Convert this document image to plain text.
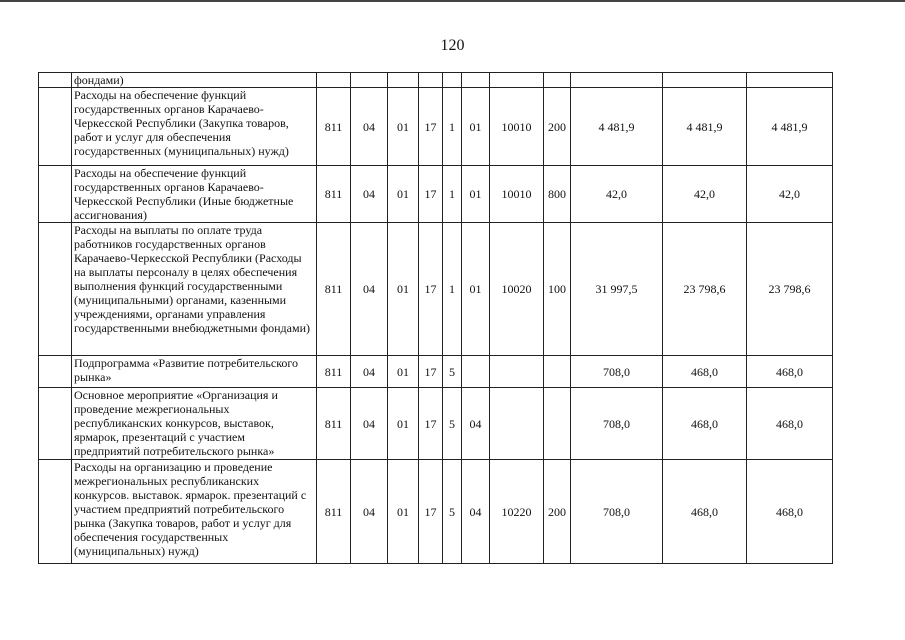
120
	фондами)											
	Расходы на обеспечение функций государственных органов Карачаево-Черкесской Республики (Закупка товаров, работ и услуг для обеспечения государственных (муниципальных) нужд)	811	04	01	17	1	01	10010	200	4 481,9	4 481,9	4 481,9
	Расходы на обеспечение функций государственных органов Карачаево-Черкесской Республики (Иные бюджетные ассигнования)	811	04	01	17	1	01	10010	800	42,0	42,0	42,0
	Расходы на выплаты по оплате труда работников государственных органов Карачаево-Черкесской Республики (Расходы на выплаты персоналу в целях обеспечения выполнения функций государственными (муниципальными) органами, казенными учреждениями, органами управления государственными внебюджетными фондами)	811	04	01	17	1	01	10020	100	31 997,5	23 798,6	23 798,6
	Подпрограмма «Развитие потребительского рынка»	811	04	01	17	5				708,0	468,0	468,0
	Основное мероприятие «Организация и проведение межрегиональных республиканских конкурсов, выставок, ярмарок, презентаций с участием предприятий потребительского рынка»	811	04	01	17	5	04			708,0	468,0	468,0
	Расходы на организацию и проведение межрегиональных республиканских конкурсов. выставок. ярмарок. презентаций с участием предприятий потребительского рынка (Закупка товаров, работ и услуг для обеспечения государственных (муниципальных) нужд)	811	04	01	17	5	04	10220	200	708,0	468,0	468,0
